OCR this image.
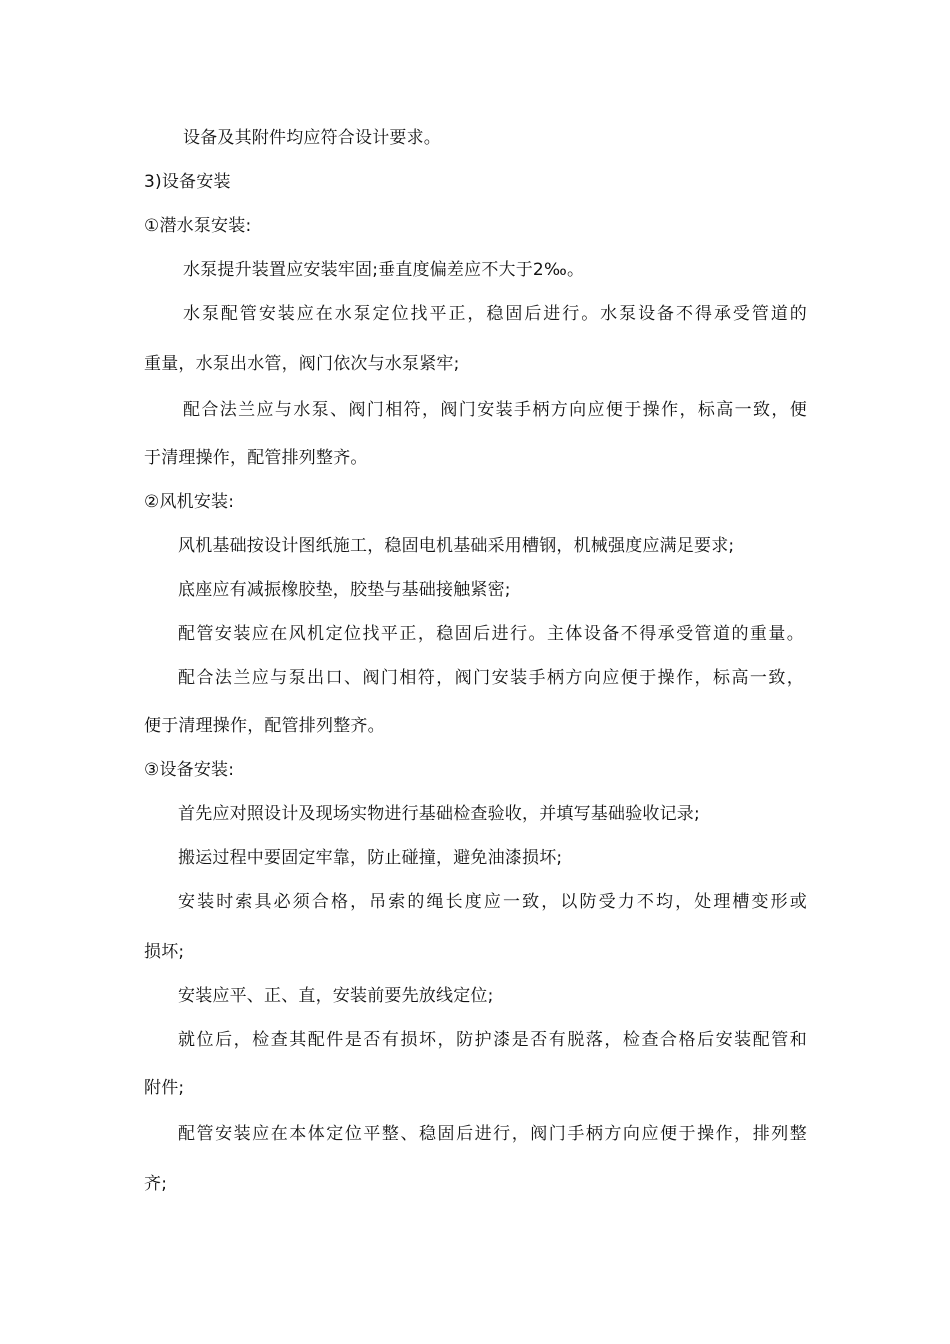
设备及其附件均应符合设计要求。
3)设备安装
①潜水泵安装:
水泵提升装置应安装牢固;垂直度偏差应不大于2‰。
水泵配管安装应在水泵定位找平正，稳固后进行。水泵设备不得承受管道的
重量，水泵出水管，阀门依次与水泵紧牢;
配合法兰应与水泵、阀门相符，阀门安装手柄方向应便于操作，标高一致，便
于清理操作，配管排列整齐。
②风机安装:
风机基础按设计图纸施工，稳固电机基础采用槽钢，机械强度应满足要求;
底座应有减振橡胶垫，胶垫与基础接触紧密;
配管安装应在风机定位找平正，稳固后进行。主体设备不得承受管道的重量。
配合法兰应与泵出口、阀门相符，阀门安装手柄方向应便于操作，标高一致，
便于清理操作，配管排列整齐。
③设备安装:
首先应对照设计及现场实物进行基础检查验收，并填写基础验收记录;
搬运过程中要固定牢靠，防止碰撞，避免油漆损坏;
安装时索具必须合格，吊索的绳长度应一致，以防受力不均，处理槽变形或
损坏;
安装应平、正、直，安装前要先放线定位;
就位后，检查其配件是否有损坏，防护漆是否有脱落，检查合格后安装配管和
附件;
配管安装应在本体定位平整、稳固后进行，阀门手柄方向应便于操作，排列整
齐;
